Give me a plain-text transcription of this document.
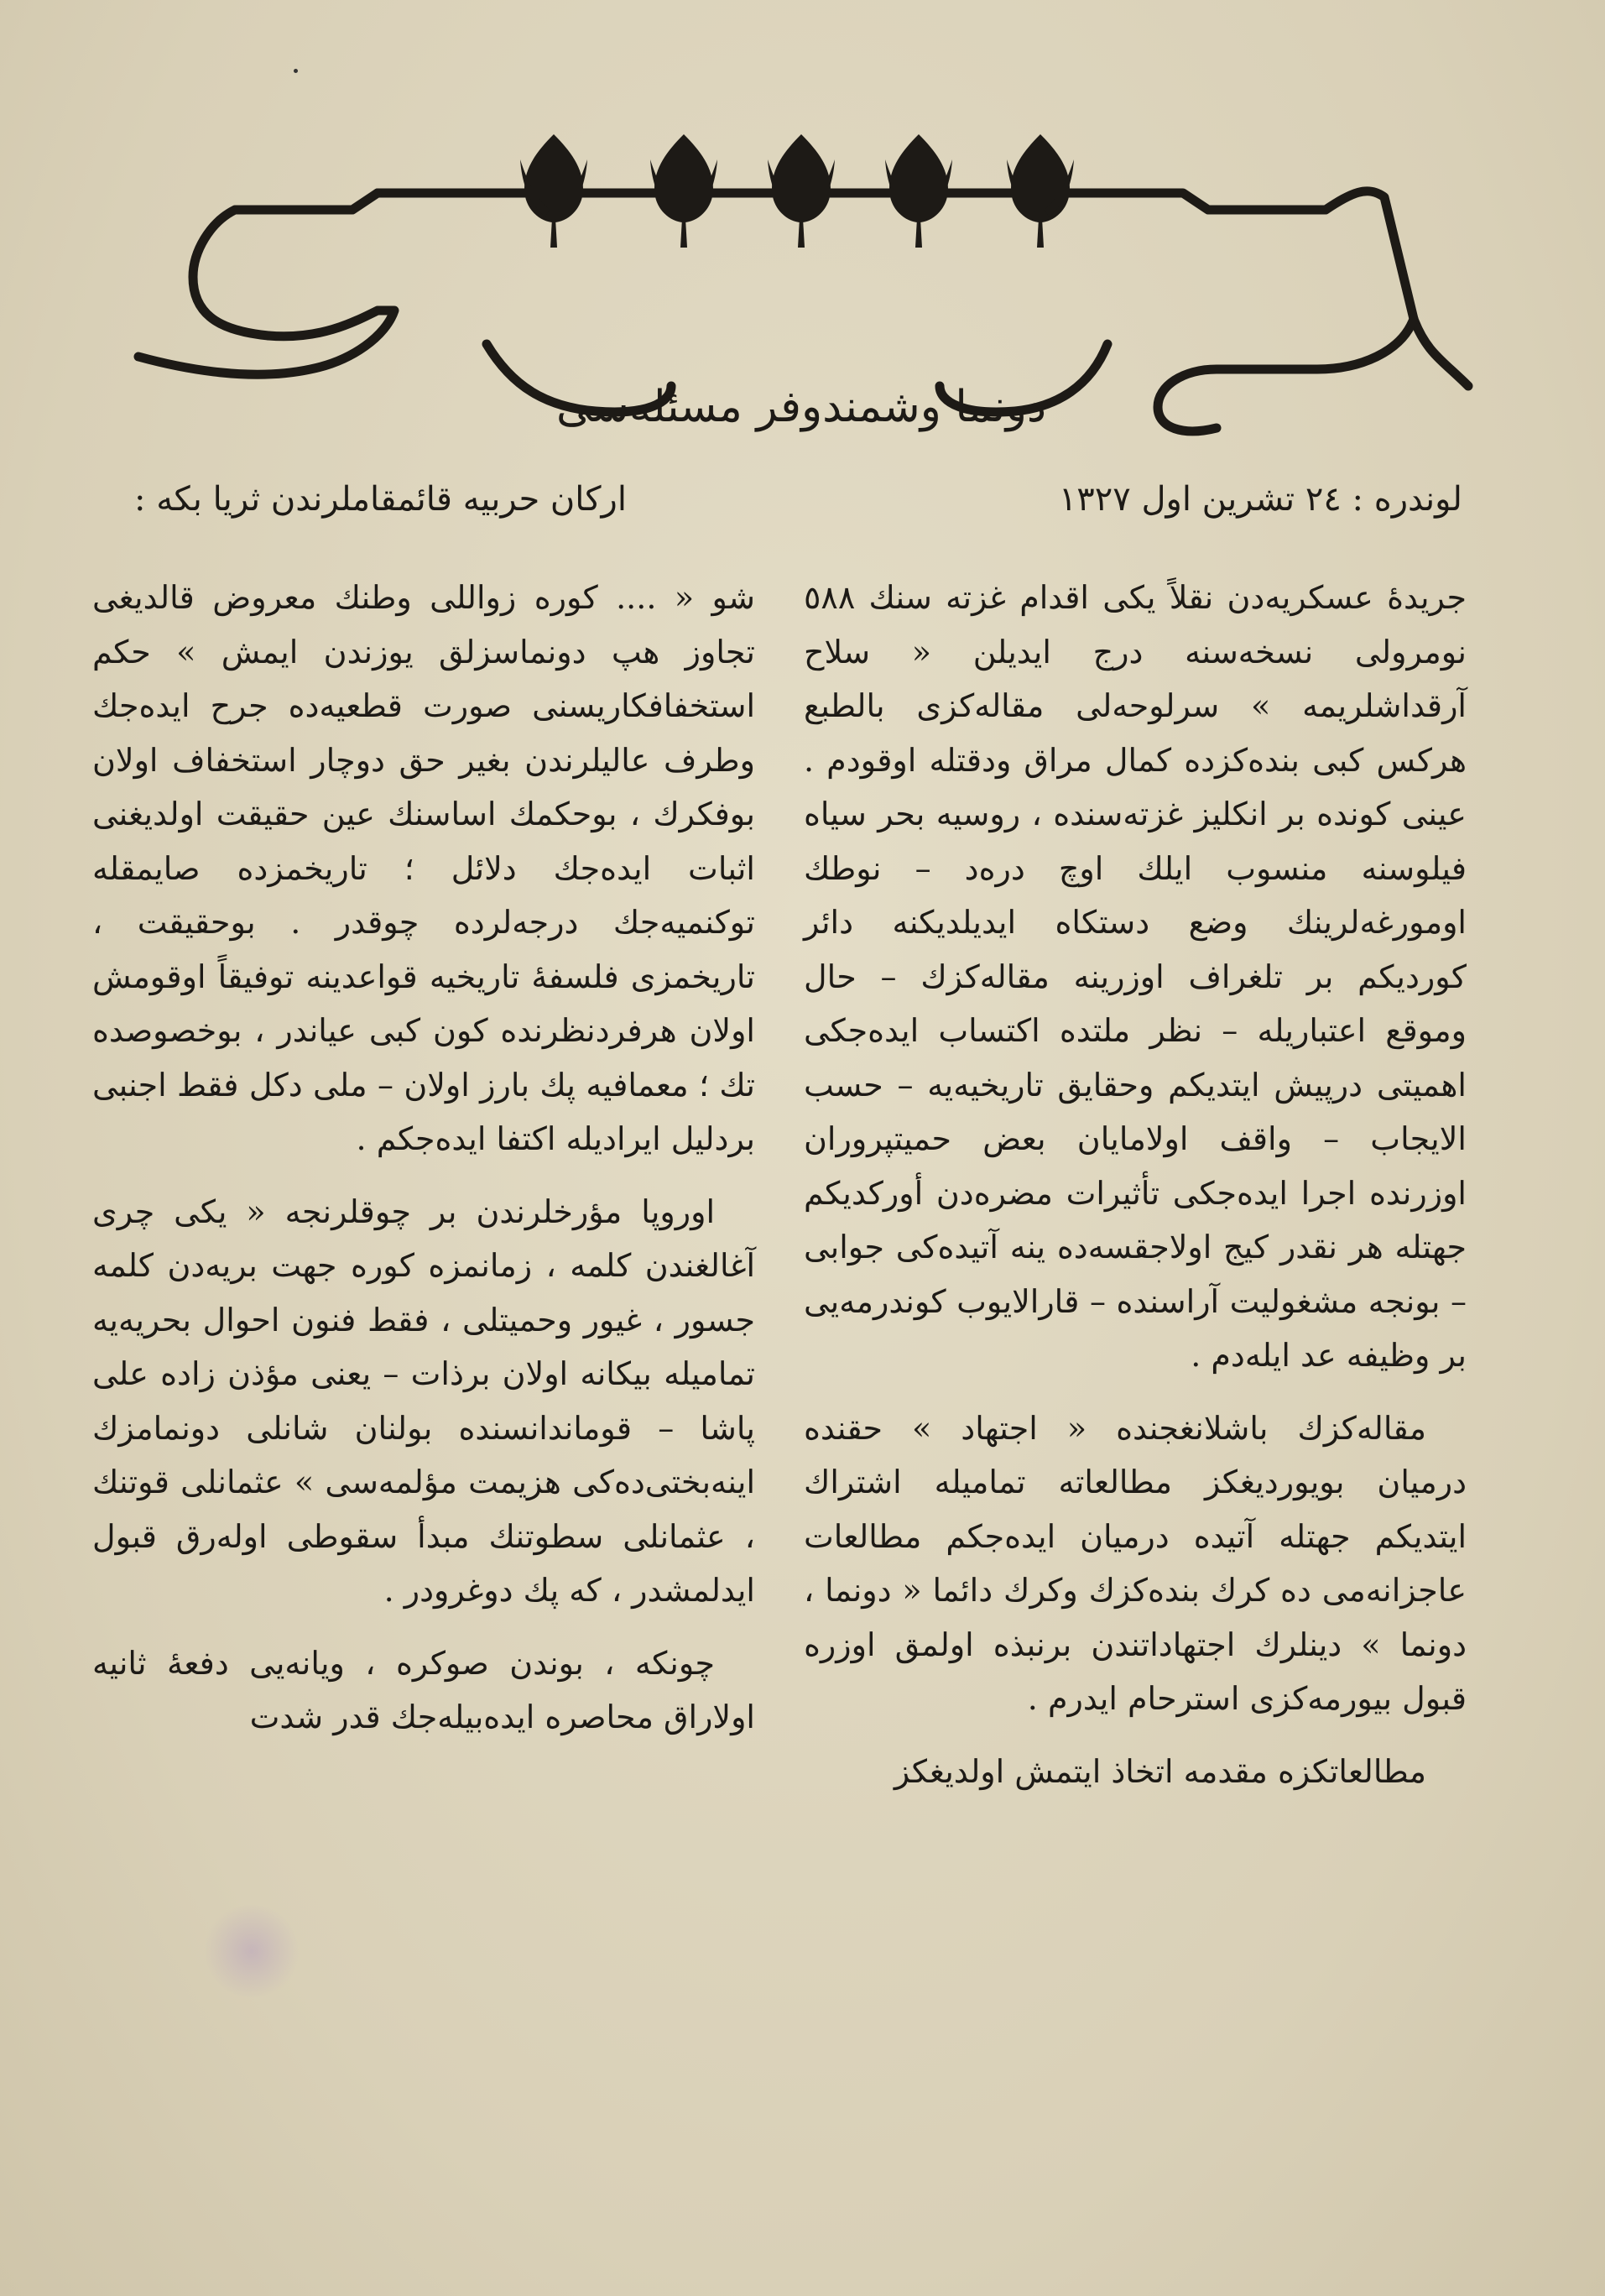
دونما وشمندوفر مسئله‌سی
لوندره : ٢٤ تشرین اول ١٣٢٧
ارکان حربیه قائمقاملرندن ثریا بکه :

جریدۀ عسکریه‌دن نقلاً یکی اقدام غزته‌‌ سنك ٥٨٨ نومرولی نسخه‌سنه درج ایدیلن « سلاح آرقداشلریمه » سرلوحه‌لی مقاله‌کزی بالطبع هرکس کبی بنده‌کزده کمال مراق ودقتله اوقودم . عینی کونده بر انکلیز غزته‌سنده ، روسیه بحر سیاه فیلوسنه منسوب ایلك اوچ دره‌د – نوطك اومورغه‌لرینك وضع دستکاه ایدیلدیکنه دائر کوردیکم بر تلغراف اوزرینه مقاله‌کزك – حال وموقع اعتباریله – نظر ملتده اکتساب ایده‌جکی اهمیتی درپیش ایتدیکم وحقایق تاریخیه‌یه – حسب الایجاب – واقف اولامایان بعض حمیتپروران اوزرنده اجرا ایده‌جکی تأثیرات مضره‌دن أورکدیکم جهتله هر نقدر کیج اولاجقسه‌ده ینه آتیده‌کی جوابی – بونجه مشغولیت آراسنده – قارالایوب کوندرمه‌یی بر وظیفه عد ایله‌دم .

مقاله‌کزك باشلانغجنده « اجتهاد » حقنده درمیان بویوردیغکز مطالعاته تماميله اشتراك ایتدیکم جهتله آتیده درمیان ایده‌جکم مطالعات عاجزانه‌می ده کرك بنده‌کزك وکرك دائما « دونما ، دونما » دینلرك اجتهاداتندن برنبذه اولمق اوزره قبول بیورمه‌کزی استرحام ایدرم .

مطالعاتکزه مقدمه اتخاذ ایتمش اولدیغکز

شو « .... کوره زواللی وطنك معروض قالدیغی تجاوز هپ دونماسزلق یوزندن ایمش » حکم استخفافکاریسنی صورت قطعیه‌ده جرح ایده‌جك وطرف عالیلرندن بغیر حق دوچار استخفاف اولان بوفکرك ، بوحکمك اساسنك عین حقیقت اولدیغنی اثبات ایده‌جك دلائل ؛ تاریخمزده صایمقله توکنمیه‌جك درجه‌لرده چوقدر . بوحقیقت ، تاریخمزی فلسفۀ تاریخیه قواعدینه توفیقاً اوقومش اولان هرفردنظرنده کون کبی عیاندر ، بوخصوصده تك ؛ معمافیه پك بارز اولان – ملی دکل فقط اجنبی بردلیل ایرادیله اکتفا ایده‌جکم .

اوروپا مؤرخلرندن بر چوقلرنجه « یکی چری آغالغندن کلمه ، زمانمزه کوره جهت بریه‌دن کلمه جسور ، غیور وحمیتلی ، فقط فنون احوال بحریه‌یه تمامیله بیکانه اولان برذات – یعنی مؤذن زاده علی پاشا – قوماندانسنده بولنان شانلی دونمامزك اینه‌بختی‌ده‌کی هزیمت مؤلمه‌سی » عثمانلی قوتنك ، عثمانلی سطوتنك مبدأ سقوطی اوله‌رق قبول ایدلمشدر ، که پك دوغرودر .

چونکه ، بوندن صوکره ، ویانه‌یی دفعۀ ثانیه اولاراق محاصره ایده‌بیله‌جك قدر شدت
